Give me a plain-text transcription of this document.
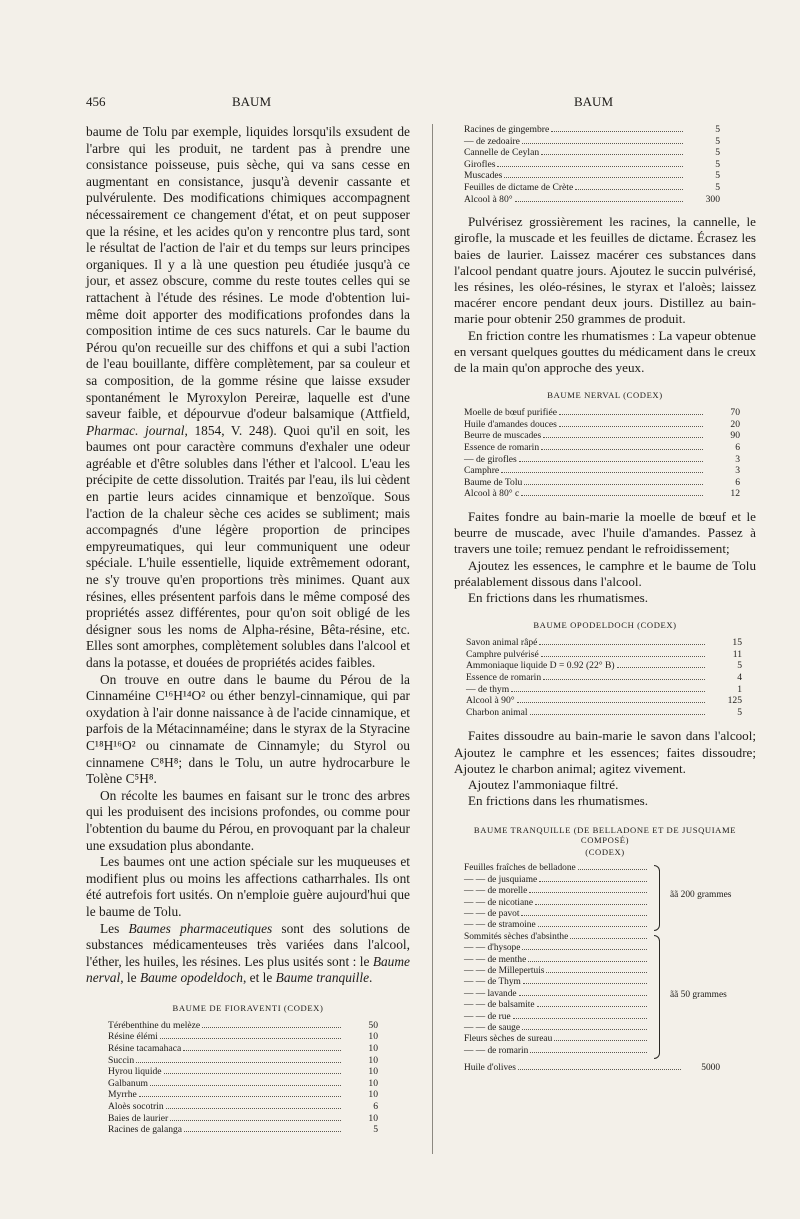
456	BAUM	BAUM

baume de Tolu par exemple, liquides lorsqu'ils exsudent de l'arbre qui les produit, ne tardent pas à prendre une consistance poisseuse, puis sèche, qui va sans cesse en augmentant en consistance, jusqu'à devenir cassante et pulvérulente. Des modifications chimiques accompagnent nécessairement ce changement d'état, et on peut supposer que la résine, et les acides qu'on y rencontre plus tard, sont le résultat de l'action de l'air et du temps sur leurs principes organiques. Il y a là une question peu étudiée jusqu'à ce jour, et assez obscure, comme du reste toutes celles qui se rattachent à l'étude des résines. Le mode d'obtention lui-même doit apporter des modifications profondes dans la composition intime de ces sucs naturels. Car le baume du Pérou qu'on recueille sur des chiffons et qui a subi l'action de l'eau bouillante, diffère complètement, par sa couleur et sa composition, de la gomme résine que laisse exsuder spontanément le Myroxylon Pereiræ, laquelle est d'une saveur faible, et dépourvue d'odeur balsamique (Attfield, Pharmac. journal, 1854, V. 248). Quoi qu'il en soit, les baumes ont pour caractère communs d'exhaler une odeur agréable et d'être solubles dans l'éther et l'alcool. L'eau les précipite de cette dissolution. Traités par l'eau, ils lui cèdent en partie leurs acides cinnamique et benzoïque. Sous l'action de la chaleur sèche ces acides se subliment; mais accompagnés d'une légère proportion de principes empyreumatiques, qui leur communiquent une odeur spéciale. L'huile essentielle, liquide extrêmement odorant, ne s'y trouve qu'en proportions très minimes. Quant aux résines, elles présentent parfois dans le même composé des propriétés assez différentes, pour qu'on soit obligé de les désigner sous les noms de Alpha-résine, Bêta-résine, etc. Elles sont amorphes, complètement solubles dans l'alcool et dans la potasse, et douées de propriétés acides faibles.

On trouve en outre dans le baume du Pérou de la Cinnaméine C¹⁶H¹⁴O² ou éther benzyl-cinnamique, qui par oxydation à l'air donne naissance à de l'acide cinnamique, et parfois de la Métacinnaméine; dans le styrax de la Styracine C¹⁸H¹⁶O² ou cinnamate de Cinnamyle; du Styrol ou cinnamene C⁸H⁸; dans le Tolu, un autre hydrocarbure le Tolène C⁵H⁸.

On récolte les baumes en faisant sur le tronc des arbres qui les produisent des incisions profondes, ou comme pour l'obtention du baume du Pérou, en provoquant par la chaleur une exsudation plus abondante.

Les baumes ont une action spéciale sur les muqueuses et modifient plus ou moins les affections catharrhales. Ils ont été autrefois fort usités. On n'emploie guère aujourd'hui que le baume de Tolu.

Les Baumes pharmaceutiques sont des solutions de substances médicamenteuses très variées dans l'alcool, l'éther, les huiles, les résines. Les plus usités sont : le Baume nerval, le Baume opodeldoch, et le Baume tranquille.

BAUME DE FIORAVENTI (CODEX)
Térébenthine du melèze	50

Résine élémi	10

Résine tacamahaca	10

Succin	10

Hyrou liquide	10

Galbanum	10

Myrrhe	10

Aloès socotrin	6

Baies de laurier	10

Racines de galanga	5
Racines de gingembre	5

— de zedoaire	5

Cannelle de Ceylan	5

Girofles	5

Muscades	5

Feuilles de dictame de Crète	5

Alcool à 80°	300

Pulvérisez grossièrement les racines, la cannelle, le girofle, la muscade et les feuilles de dictame. Écrasez les baies de laurier. Laissez macérer ces substances dans l'alcool pendant quatre jours. Ajoutez le succin pulvérisé, les résines, les oléo-résines, le styrax et l'aloès; laissez macérer encore pendant deux jours. Distillez au bain-marie pour obtenir 250 grammes de produit.

En friction contre les rhumatismes : La vapeur obtenue en versant quelques gouttes du médicament dans le creux de la main qu'on approche des yeux.

BAUME NERVAL (CODEX)
Moelle de bœuf purifiée	70

Huile d'amandes douces	20

Beurre de muscades	90

Essence de romarin	6

— de girofles	3

Camphre	3

Baume de Tolu	6

Alcool à 80° c	12

Faites fondre au bain-marie la moelle de bœuf et le beurre de muscade, avec l'huile d'amandes. Passez à travers une toile; remuez pendant le refroidissement;

Ajoutez les essences, le camphre et le baume de Tolu préalablement dissous dans l'alcool.

En frictions dans les rhumatismes.

BAUME OPODELDOCH (CODEX)
Savon animal râpé	15

Camphre pulvérisé	11

Ammoniaque liquide D = 0.92 (22° B)	5

Essence de romarin	4

— de thym	1

Alcool à 90°	125

Charbon animal	5

Faites dissoudre au bain-marie le savon dans l'alcool; Ajoutez le camphre et les essences; faites dissoudre; Ajoutez le charbon animal; agitez vivement.

Ajoutez l'ammoniaque filtré.

En frictions dans les rhumatismes.

BAUME TRANQUILLE (DE BELLADONE ET DE JUSQUIAME COMPOSÉ)
(CODEX)
Feuilles fraîches de belladone
— — de jusquiame
— — de morelle
— — de nicotiane
— — de pavot
— — de stramoine
ãã 200 grammes
Sommités sèches d'absinthe
— — d'hysope
— — de menthe
— — de Millepertuis
— — de Thym
— — lavande
— — de balsamite
— — de rue
— — de sauge
Fleurs sèches de sureau
— — de romarin
ãã 50 grammes
Huile d'olives	5000
